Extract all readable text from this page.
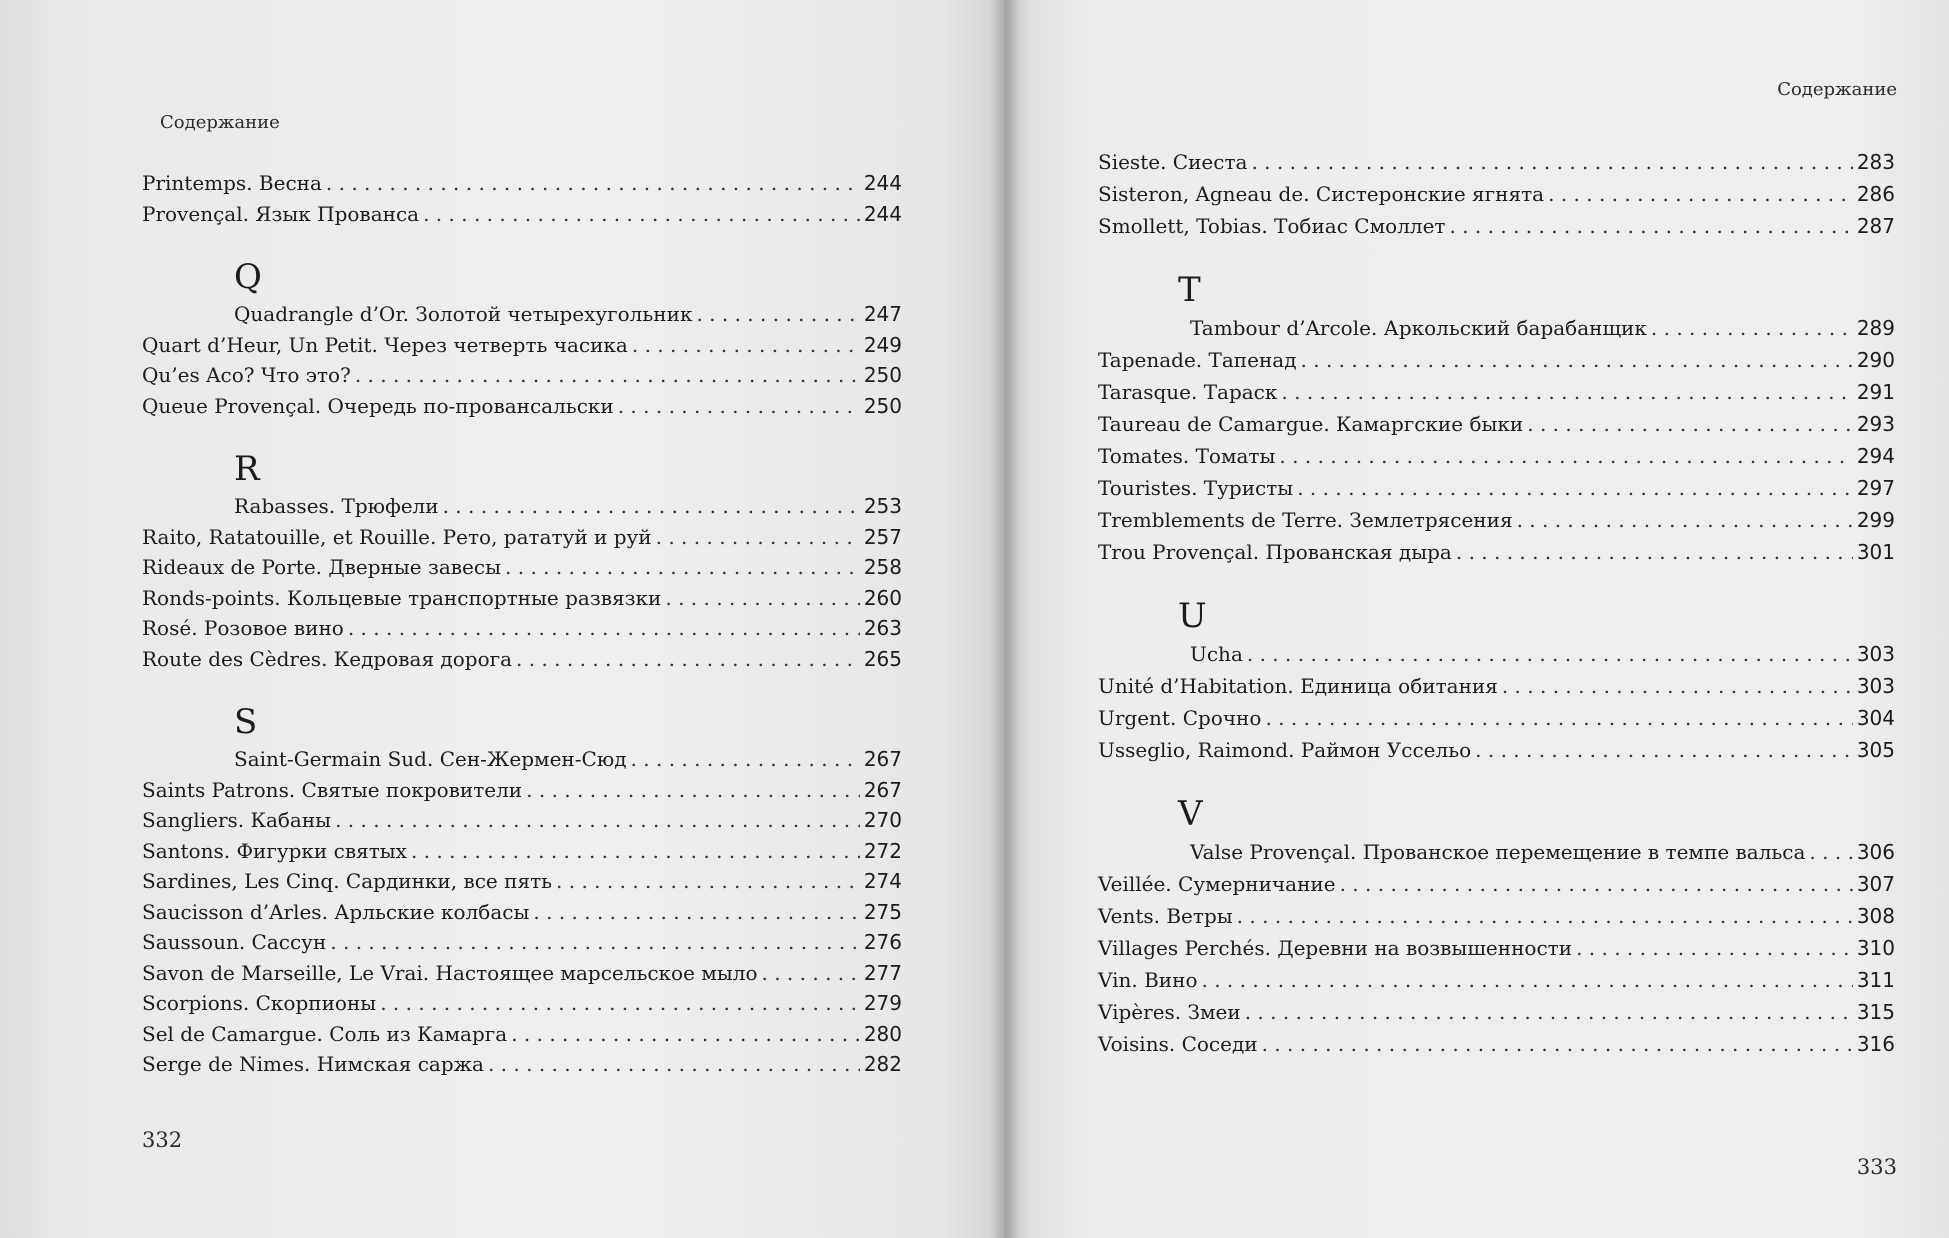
Содержание
Printemps. Весна . . .	244
Provençal. Язык Прованса . . .	244
Q
Quadrangle d’Or. Золотой четырехугольник . . .	247
Quart d’Heur, Un Petit. Через четверть часика . . .	249
Qu’es Aco? Что это? . . .	250
Queue Provençal. Очередь по-провансальски . . .	250
R
Rabasses. Трюфели . . .	253
Raito, Ratatouille, et Rouille. Рето, рататуй и руй . . .	257
Rideaux de Porte. Дверные завесы . . .	258
Ronds-points. Кольцевые транспортные развязки . . .	260
Rosé. Розовое вино . . .	263
Route des Cèdres. Кедровая дорога . . .	265
S
Saint-Germain Sud. Сен-Жермен-Сюд . . .	267
Saints Patrons. Святые покровители . . .	267
Sangliers. Кабаны . . .	270
Santons. Фигурки святых . . .	272
Sardines, Les Cinq. Сардинки, все пять . . .	274
Saucisson d’Arles. Арльские колбасы . . .	275
Saussoun. Сассун . . .	276
Savon de Marseille, Le Vrai. Настоящее марсельское мыло . . .	277
Scorpions. Скорпионы . . .	279
Sel de Camargue. Соль из Камарга . . .	280
Serge de Nimes. Нимская саржа . . .	282
332
Содержание
Sieste. Сиеста . . .	283
Sisteron, Agneau de. Систеронские ягнята . . .	286
Smollett, Tobias. Тобиас Смоллет . . .	287
T
Tambour d’Arcole. Аркольский барабанщик . . .	289
Tapenade. Тапенад . . .	290
Tarasque. Тараск . . .	291
Taureau de Camargue. Камаргские быки . . .	293
Tomates. Томаты . . .	294
Touristes. Туристы . . .	297
Tremblements de Terre. Землетрясения . . .	299
Trou Provençal. Прованская дыра . . .	301
U
Ucha . . .	303
Unité d’Habitation. Единица обитания . . .	303
Urgent. Срочно . . .	304
Usseglio, Raimond. Раймон Уссельо . . .	305
V
Valse Provençal. Прованское перемещение в темпе вальса . . .	306
Veillée. Сумерничание . . .	307
Vents. Ветры . . .	308
Villages Perchés. Деревни на возвышенности . . .	310
Vin. Вино . . .	311
Vipères. Змеи . . .	315
Voisins. Соседи . . .	316
333
